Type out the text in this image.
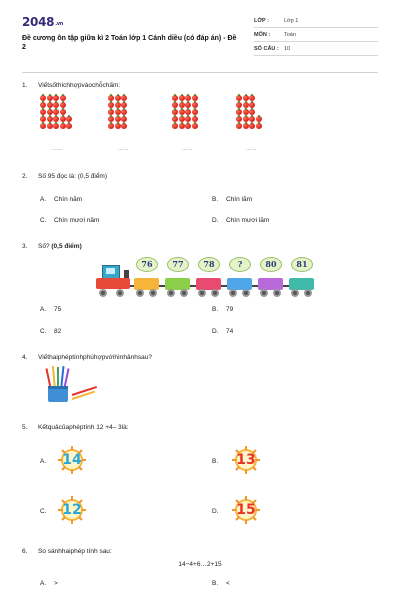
2048.vn
Đề cương ôn tập giữa kì 2 Toán lớp 1 Cánh diều (có đáp án) - Đề 2
LỚP :	Lớp 1
MÔN :	Toán
SỐ CÂU : 10
1. Viếtsốthíchhợpvàochỗchấm:
……	……	……	……
2. Số 95 đọc là: (0,5 điểm)
A. Chín năm	B. Chín lăm
C. Chín mươi năm	D. Chín mươi lăm
3. Số? (0,5 điểm)
76	77	78	?	80	81
A. 75	B. 79
C. 82	D. 74
4. Viếthaiphéptínhphùhợpvớihìnhảnhsau?
5. Kếtquảcủaphéptính 12 +4– 3là:
A.	14	B.	13
C.	12	D.	15
6. So sánhhaiphép tính sau:
14−4+6…2+15
A. >	B. <
